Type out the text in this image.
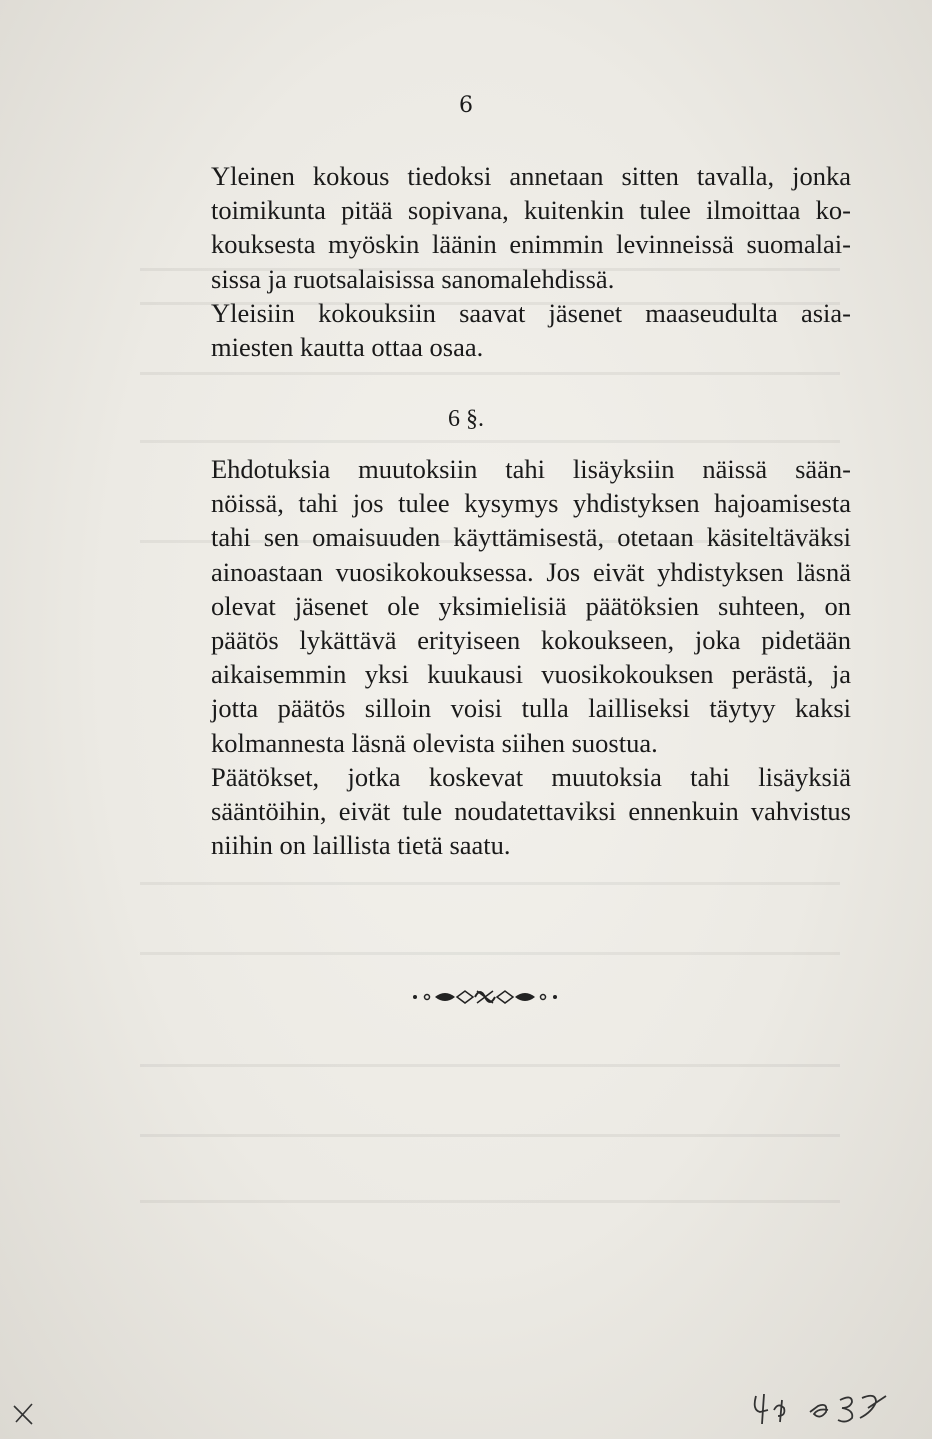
6

Yleinen kokous tiedoksi annetaan sitten tavalla, jonka
toimikunta pitää sopivana, kuitenkin tulee ilmoittaa ko-
kouksesta myöskin läänin enimmin levinneissä suomalai-
sissa ja ruotsalaisissa sanomalehdissä.

Yleisiin kokouksiin saavat jäsenet maaseudulta asia-
miesten kautta ottaa osaa.

6 §.

Ehdotuksia muutoksiin tahi lisäyksiin näissä sään-
nöissä, tahi jos tulee kysymys yhdistyksen hajoamisesta
tahi sen omaisuuden käyttämisestä, otetaan käsiteltäväksi
ainoastaan vuosikokouksessa. Jos eivät yhdistyksen läsnä
olevat jäsenet ole yksimielisiä päätöksien suhteen, on
päätös lykättävä erityiseen kokoukseen, joka pidetään
aikaisemmin yksi kuukausi vuosikokouksen perästä, ja
jotta päätös silloin voisi tulla lailliseksi täytyy kaksi
kolmannesta läsnä olevista siihen suostua.

Päätökset, jotka koskevat muutoksia tahi lisäyksiä
sääntöihin, eivät tule noudatettaviksi ennenkuin vahvistus
niihin on laillista tietä saatu.
